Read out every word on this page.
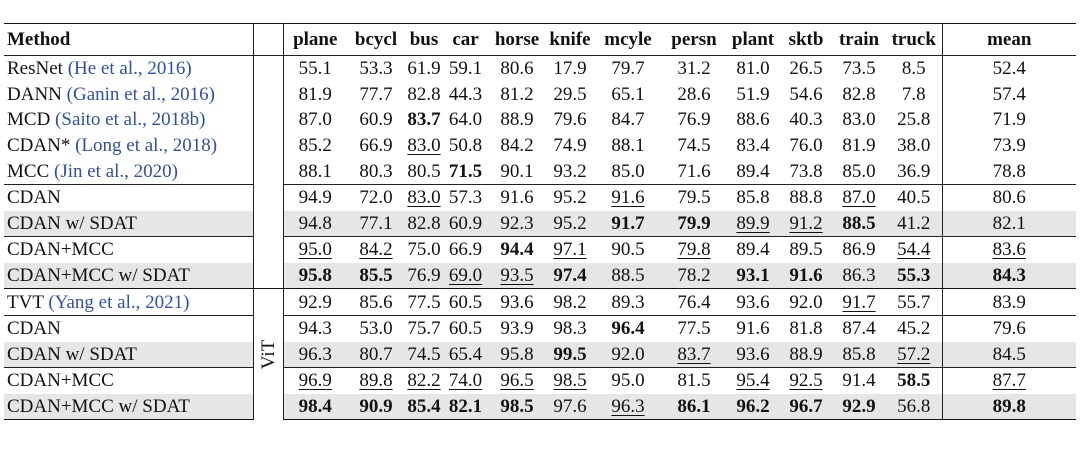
Method		plane	bcycl	bus	car	horse	knife	mcyle	persn	plant	sktb	train	truck	mean
ResNet (He et al., 2016)		55.1	53.3	61.9	59.1	80.6	17.9	79.7	31.2	81.0	26.5	73.5	8.5	52.4
DANN (Ganin et al., 2016)		81.9	77.7	82.8	44.3	81.2	29.5	65.1	28.6	51.9	54.6	82.8	7.8	57.4
MCD (Saito et al., 2018b)		87.0	60.9	83.7	64.0	88.9	79.6	84.7	76.9	88.6	40.3	83.0	25.8	71.9
CDAN* (Long et al., 2018)		85.2	66.9	83.0	50.8	84.2	74.9	88.1	74.5	83.4	76.0	81.9	38.0	73.9
MCC (Jin et al., 2020)		88.1	80.3	80.5	71.5	90.1	93.2	85.0	71.6	89.4	73.8	85.0	36.9	78.8
CDAN		94.9	72.0	83.0	57.3	91.6	95.2	91.6	79.5	85.8	88.8	87.0	40.5	80.6
CDAN w/ SDAT		94.8	77.1	82.8	60.9	92.3	95.2	91.7	79.9	89.9	91.2	88.5	41.2	82.1
CDAN+MCC		95.0	84.2	75.0	66.9	94.4	97.1	90.5	79.8	89.4	89.5	86.9	54.4	83.6
CDAN+MCC w/ SDAT		95.8	85.5	76.9	69.0	93.5	97.4	88.5	78.2	93.1	91.6	86.3	55.3	84.3
TVT (Yang et al., 2021)	ViT	92.9	85.6	77.5	60.5	93.6	98.2	89.3	76.4	93.6	92.0	91.7	55.7	83.9
CDAN		94.3	53.0	75.7	60.5	93.9	98.3	96.4	77.5	91.6	81.8	87.4	45.2	79.6
CDAN w/ SDAT		96.3	80.7	74.5	65.4	95.8	99.5	92.0	83.7	93.6	88.9	85.8	57.2	84.5
CDAN+MCC		96.9	89.8	82.2	74.0	96.5	98.5	95.0	81.5	95.4	92.5	91.4	58.5	87.7
CDAN+MCC w/ SDAT		98.4	90.9	85.4	82.1	98.5	97.6	96.3	86.1	96.2	96.7	92.9	56.8	89.8
